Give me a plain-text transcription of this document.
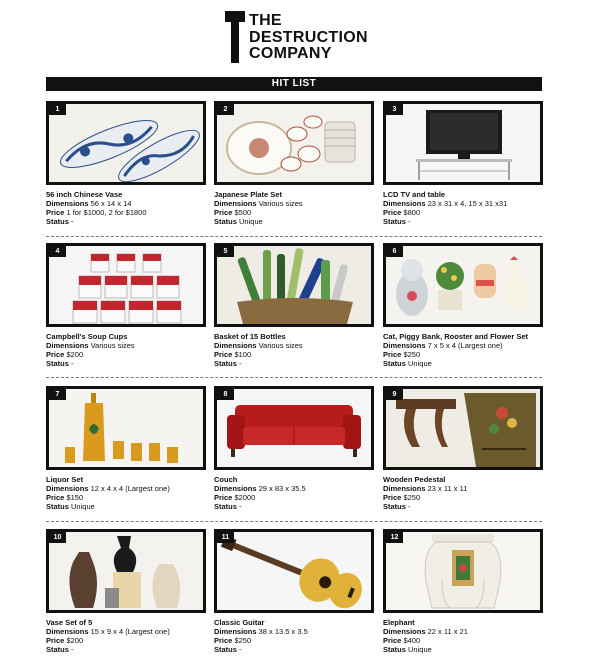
THE
DESTRUCTION
COMPANY
HIT LIST
1
56 inch Chinese Vase
Dimensions 56 x 14 x 14
Price 1 for $1000, 2 for $1800
Status -
2
Japanese Plate Set
Dimensions Various sizes
Price $500
Status Unique
3
LCD TV and table
Dimensions 23 x 31 x 4, 15 x 31 x31
Price $800
Status -
4
Campbell's Soup Cups
Dimensions Various sizes
Price $200
Status -
5
Basket of 15 Bottles
Dimensions Various sizes
Price $100
Status -
6
Cat, Piggy Bank, Rooster and Flower Set
Dimensions 7 x 5 x 4 (Largest one)
Price $250
Status Unique
7
Liquor Set
Dimensions 12 x 4 x 4 (Largest one)
Price $150
Status Unique
8
Couch
Dimensions 29 x 83 x 35.5
Price $2000
Status -
9
Wooden Pedestal
Dimensions 23 x 11 x 11
Price $250
Status -
10
Vase Set of 5
Dimensions 15 x 9 x 4 (Largest one)
Price $200
Status -
11
Classic Guitar
Dimensions 38 x 13.5 x 3.5
Price $250
Status -
12
Elephant
Dimensions 22 x 11 x 21
Price $400
Status Unique
